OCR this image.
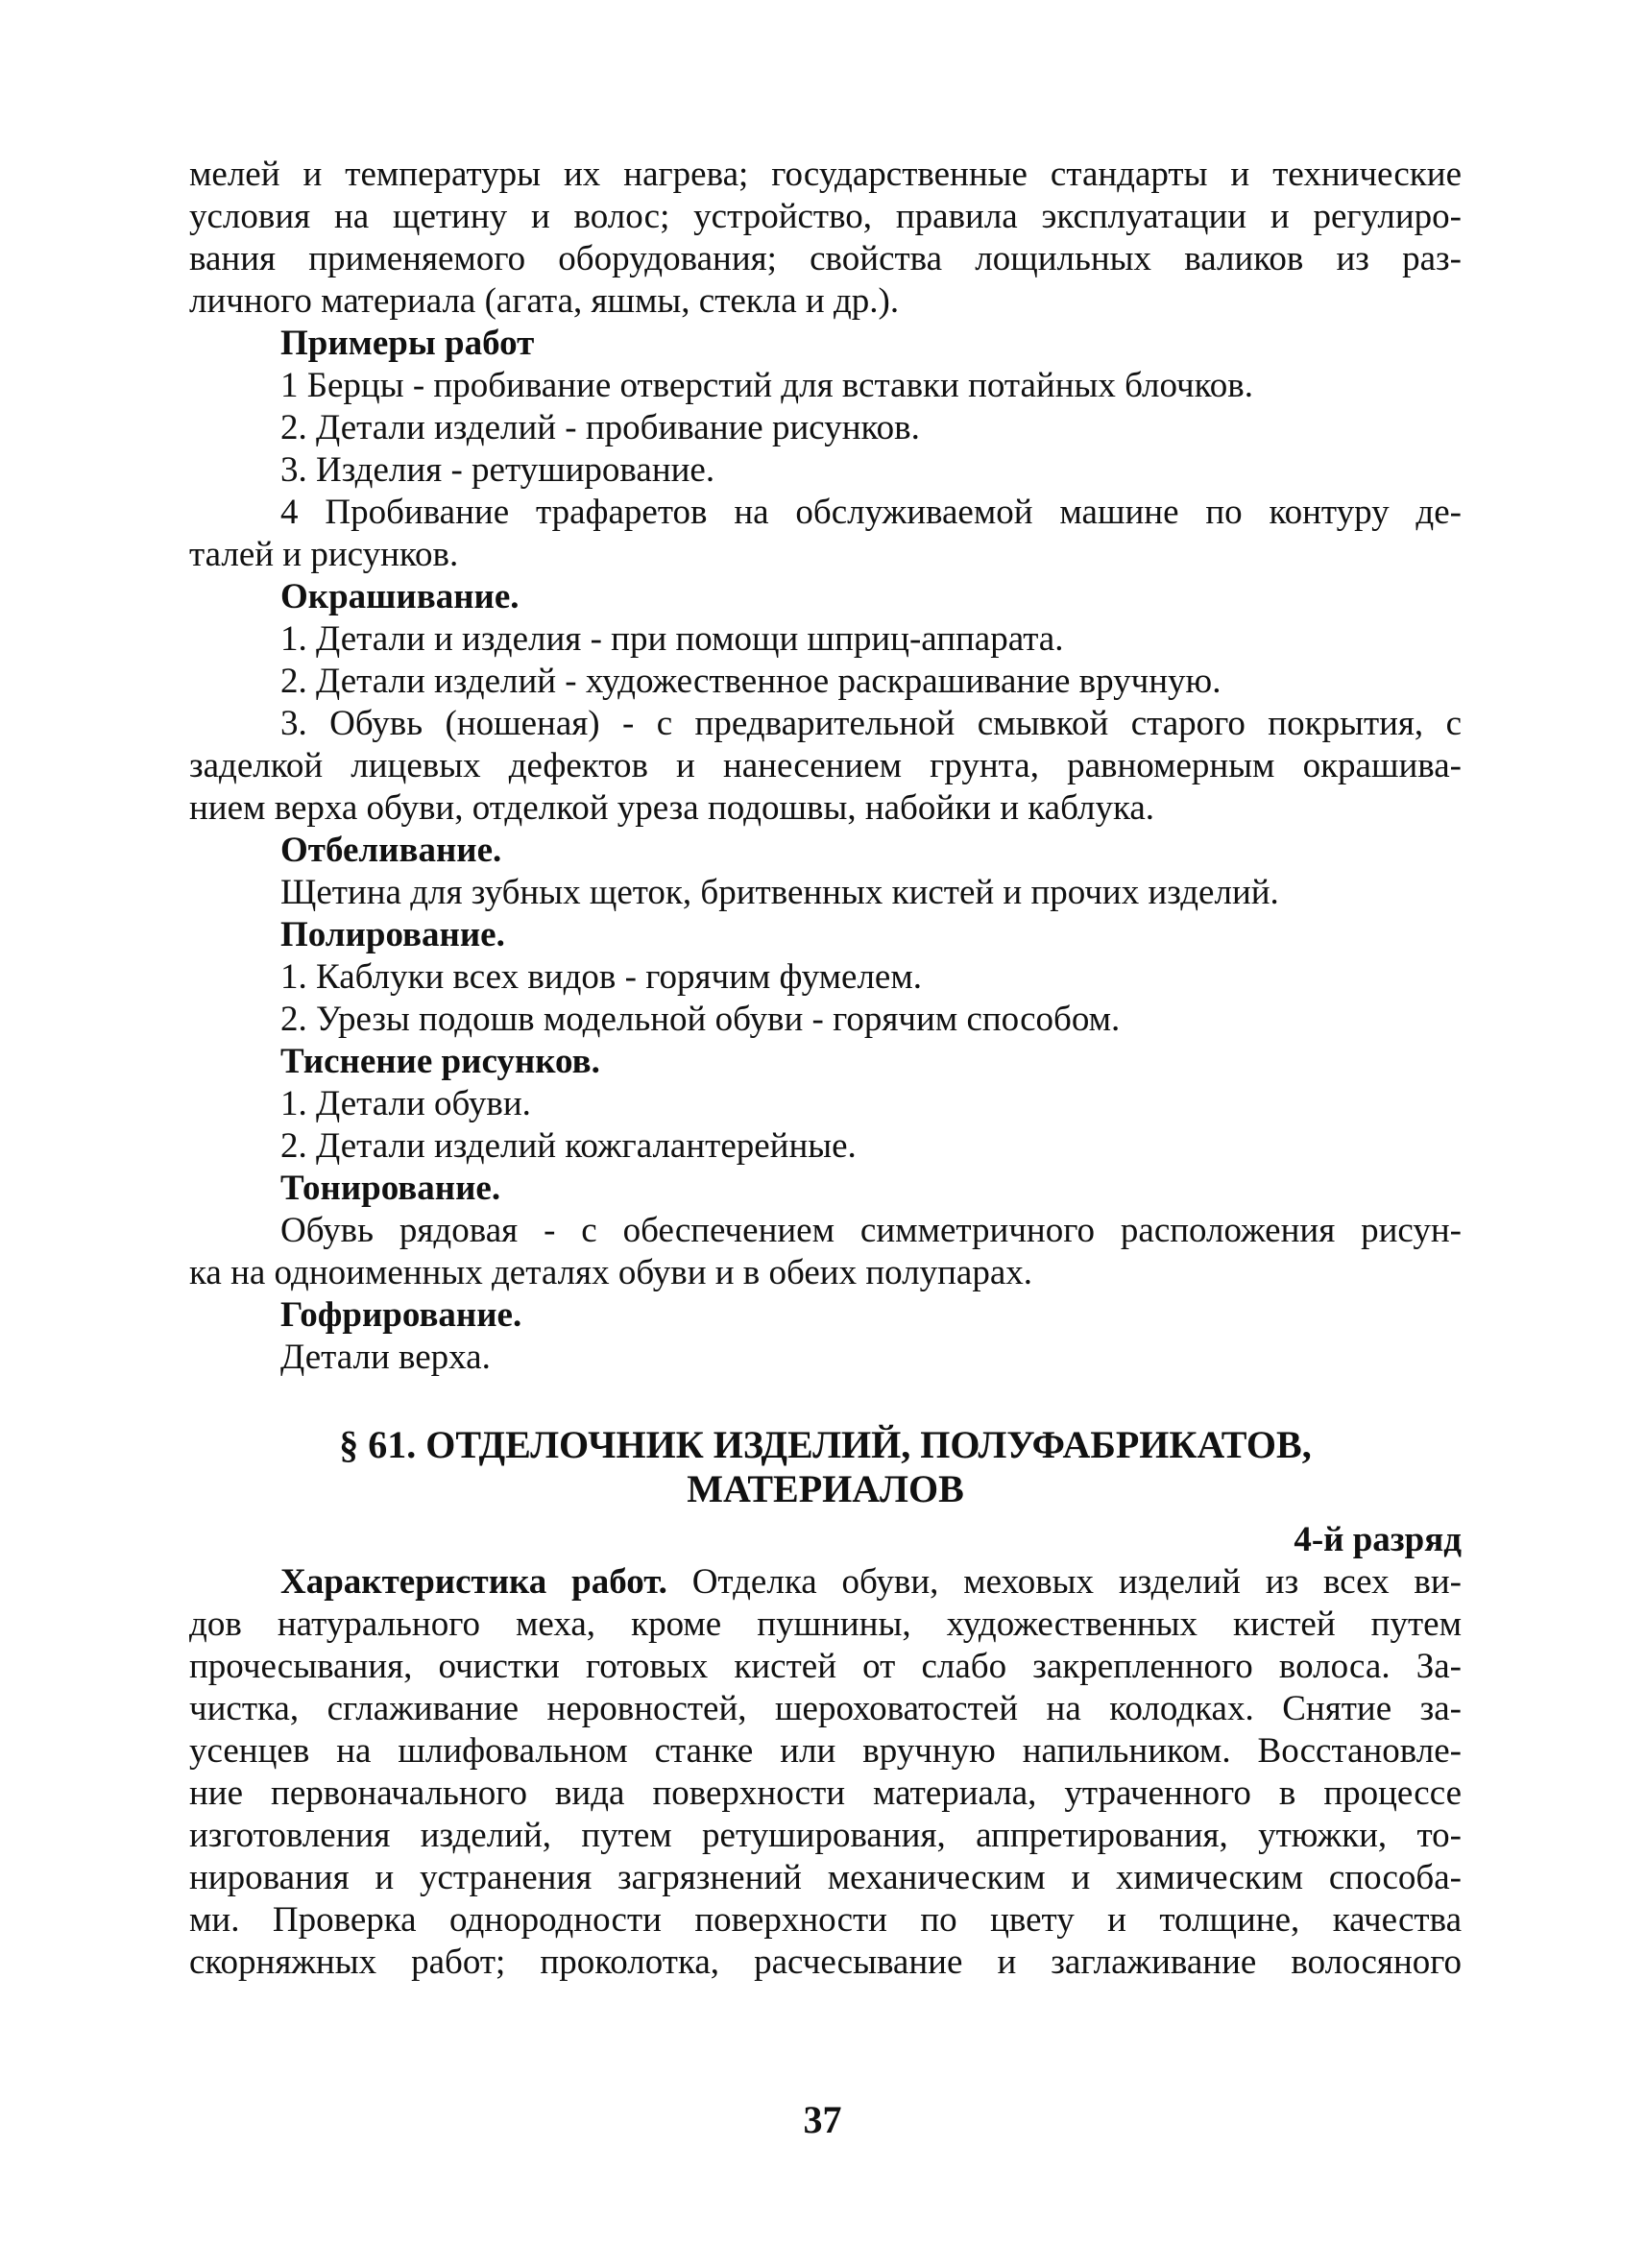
мелей и температуры их нагрева; государственные стандарты и технические
условия на щетину и волос; устройство, правила эксплуатации и регулиро-
вания применяемого оборудования; свойства лощильных валиков из раз-
личного материала (агата, яшмы, стекла и др.).
Примеры работ
1 Берцы - пробивание отверстий для вставки потайных блочков.
2. Детали изделий - пробивание рисунков.
3. Изделия - ретуширование.
4 Пробивание трафаретов на обслуживаемой машине по контуру де-
талей и рисунков.
Окрашивание.
1. Детали и изделия - при помощи шприц-аппарата.
2. Детали изделий - художественное раскрашивание вручную.
3. Обувь (ношеная) - с предварительной смывкой старого покрытия, с
заделкой лицевых дефектов и нанесением грунта, равномерным окрашива-
нием верха обуви, отделкой уреза подошвы, набойки и каблука.
Отбеливание.
Щетина для зубных щеток, бритвенных кистей и прочих изделий.
Полирование.
1. Каблуки всех видов - горячим фумелем.
2. Урезы подошв модельной обуви - горячим способом.
Тиснение рисунков.
1. Детали обуви.
2. Детали изделий кожгалантерейные.
Тонирование.
Обувь рядовая - с обеспечением симметричного расположения рисун-
ка на одноименных деталях обуви и в обеих полупарах.
Гофрирование.
Детали верха.
§ 61. ОТДЕЛОЧНИК ИЗДЕЛИЙ, ПОЛУФАБРИКАТОВ,
МАТЕРИАЛОВ
4-й разряд
Характеристика работ. Отделка обуви, меховых изделий из всех ви-
дов натурального меха, кроме пушнины, художественных кистей путем
прочесывания, очистки готовых кистей от слабо закрепленного волоса. За-
чистка, сглаживание неровностей, шероховатостей на колодках. Снятие за-
усенцев на шлифовальном станке или вручную напильником. Восстановле-
ние первоначального вида поверхности материала, утраченного в процессе
изготовления изделий, путем ретуширования, аппретирования, утюжки, то-
нирования и устранения загрязнений механическим и химическим способа-
ми. Проверка однородности поверхности по цвету и толщине, качества
скорняжных работ; проколотка, расчесывание и заглаживание волосяного
37
